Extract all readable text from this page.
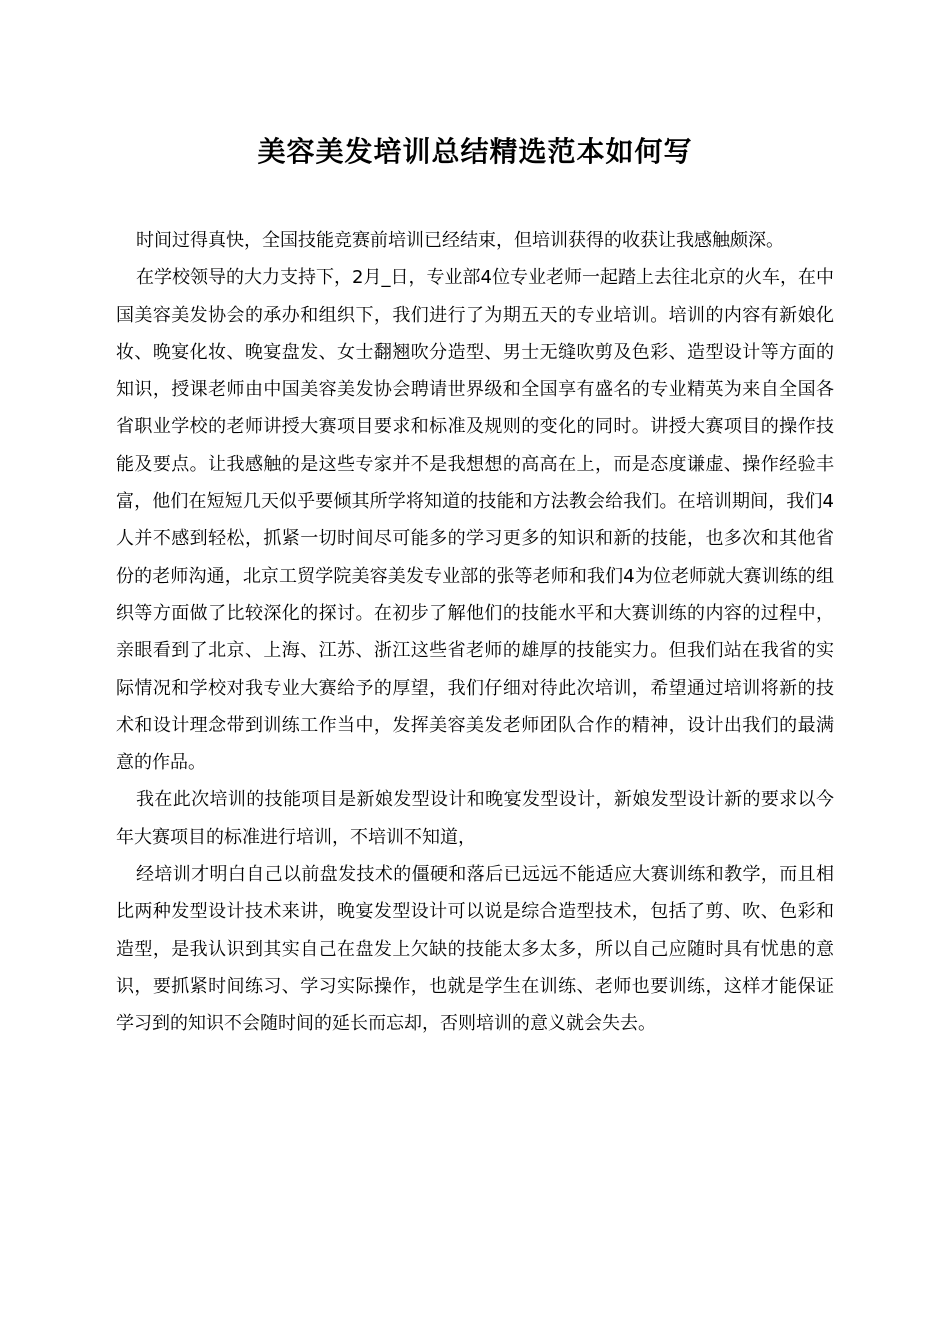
美容美发培训总结精选范本如何写

时间过得真快，全国技能竞赛前培训已经结束，但培训获得的收获让我感触颇深。

在学校领导的大力支持下，2月_日，专业部4位专业老师一起踏上去往北京的火车，在中国美容美发协会的承办和组织下，我们进行了为期五天的专业培训。培训的内容有新娘化妆、晚宴化妆、晚宴盘发、女士翻翘吹分造型、男士无缝吹剪及色彩、造型设计等方面的知识，授课老师由中国美容美发协会聘请世界级和全国享有盛名的专业精英为来自全国各省职业学校的老师讲授大赛项目要求和标准及规则的变化的同时。讲授大赛项目的操作技能及要点。让我感触的是这些专家并不是我想想的高高在上，而是态度谦虚、操作经验丰富，他们在短短几天似乎要倾其所学将知道的技能和方法教会给我们。在培训期间，我们4人并不感到轻松，抓紧一切时间尽可能多的学习更多的知识和新的技能，也多次和其他省份的老师沟通，北京工贸学院美容美发专业部的张等老师和我们4为位老师就大赛训练的组织等方面做了比较深化的探讨。在初步了解他们的技能水平和大赛训练的内容的过程中，亲眼看到了北京、上海、江苏、浙江这些省老师的雄厚的技能实力。但我们站在我省的实际情况和学校对我专业大赛给予的厚望，我们仔细对待此次培训，希望通过培训将新的技术和设计理念带到训练工作当中，发挥美容美发老师团队合作的精神，设计出我们的最满意的作品。

我在此次培训的技能项目是新娘发型设计和晚宴发型设计，新娘发型设计新的要求以今年大赛项目的标准进行培训，不培训不知道，

经培训才明白自己以前盘发技术的僵硬和落后已远远不能适应大赛训练和教学，而且相比两种发型设计技术来讲，晚宴发型设计可以说是综合造型技术，包括了剪、吹、色彩和造型，是我认识到其实自己在盘发上欠缺的技能太多太多，所以自己应随时具有忧患的意识，要抓紧时间练习、学习实际操作，也就是学生在训练、老师也要训练，这样才能保证学习到的知识不会随时间的延长而忘却，否则培训的意义就会失去。
